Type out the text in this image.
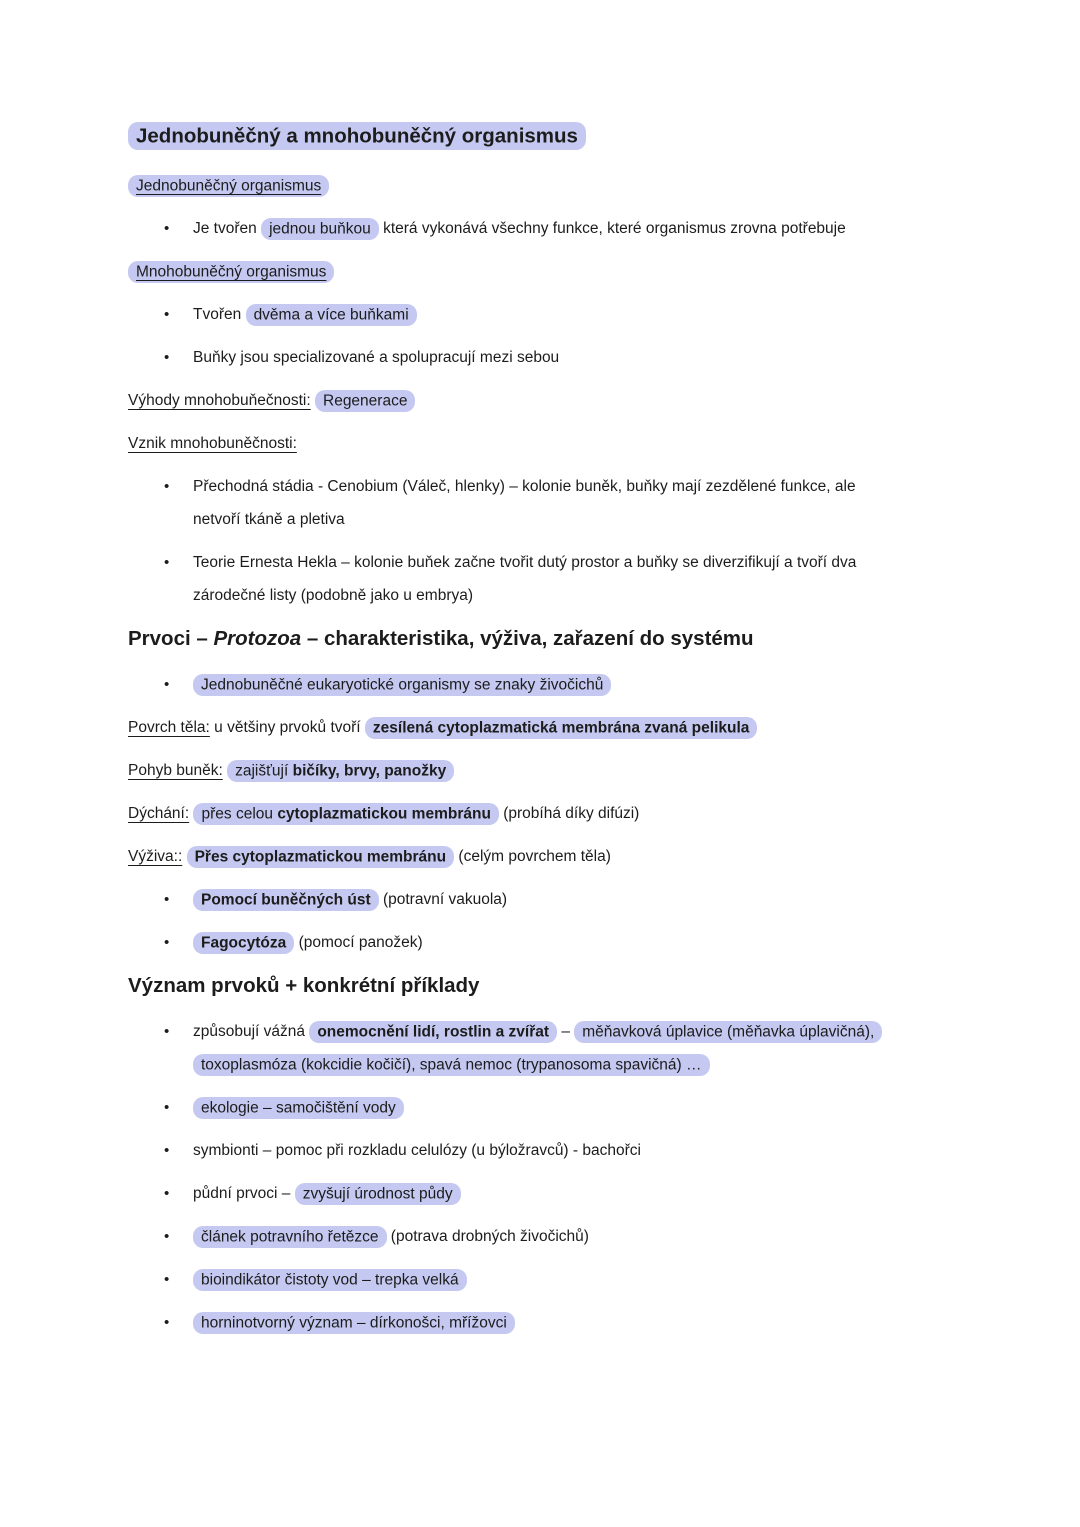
Jednobuněčný a mnohobuněčný organismus

Jednobuněčný organismus

• Je tvořen jednou buňkou která vykonává všechny funkce, které organismus zrovna potřebuje

Mnohobuněčný organismus

• Tvořen dvěma a více buňkami
• Buňky jsou specializované a spolupracují mezi sebou

Výhody mnohobuňečnosti: Regenerace

Vznik mnohobuněčnosti:

• Přechodná stádia - Cenobium (Váleč, hlenky) – kolonie buněk, buňky mají zezdělené funkce, ale netvoří tkáně a pletiva
• Teorie Ernesta Hekla – kolonie buňek začne tvořit dutý prostor a buňky se diverzifikují a tvoří dva zárodečné listy (podobně jako u embrya)
Prvoci – Protozoa – charakteristika, výživa, zařazení do systému
• Jednobuněčné eukaryotické organismy se znaky živočichů

Povrch těla: u většiny prvoků tvoří zesílená cytoplazmatická membrána zvaná pelikula

Pohyb buněk: zajišťují bičíky, brvy, panožky

Dýchání: přes celou cytoplazmatickou membránu (probíhá díky difúzi)

Výživa:: Přes cytoplazmatickou membránu (celým povrchem těla)

• Pomocí buněčných úst (potravní vakuola)
• Fagocytóza (pomocí panožek)
Význam prvoků + konkrétní příklady
• způsobují vážná onemocnění lidí, rostlin a zvířat – měňavková úplavice (měňavka úplavičná), toxoplasmóza (kokcidie kočičí), spavá nemoc (trypanosoma spavičná) …
• ekologie – samočištění vody
• symbionti – pomoc při rozkladu celulózy (u býložravců) - bachořci
• půdní prvoci – zvyšují úrodnost půdy
• článek potravního řetězce (potrava drobných živočichů)
• bioindikátor čistoty vod – trepka velká
• horninotvorný význam – dírkonošci, mřížovci
